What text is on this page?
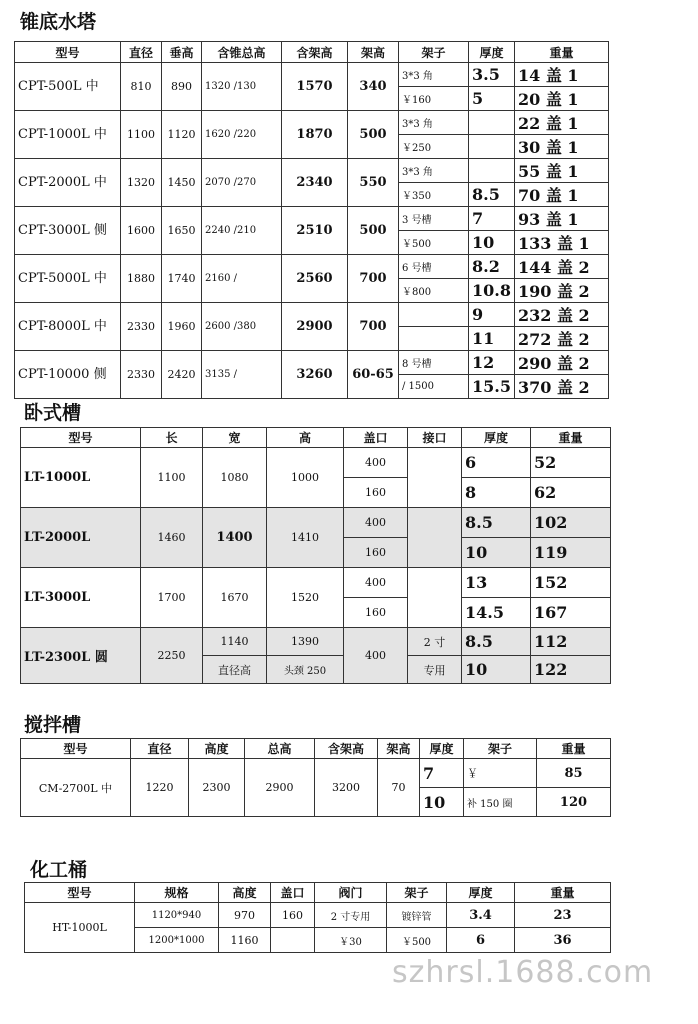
锥底水塔
型号	直径	垂高	含锥总高	含架高	架高	架子	厚度	重量
CPT-500L 中	810	890	1320 /130	1570	340	3*3 角	3.5	14 盖 1
						￥160	5	20 盖 1
CPT-1000L 中	1100	1120	1620 /220	1870	500	3*3 角		22 盖 1
						￥250		30 盖 1
CPT-2000L 中	1320	1450	2070 /270	2340	550	3*3 角		55 盖 1
						￥350	8.5	70 盖 1
CPT-3000L 侧	1600	1650	2240 /210	2510	500	3 号槽	7	93 盖 1
						￥500	10	133 盖 1
CPT-5000L 中	1880	1740	2160 /	2560	700	6 号槽	8.2	144 盖 2
						￥800	10.8	190 盖 2
CPT-8000L 中	2330	1960	2600 /380	2900	700		9	232 盖 2
							11	272 盖 2
CPT-10000 侧	2330	2420	3135 /	3260	60-65	8 号槽	12	290 盖 2
						/ 1500	15.5	370 盖 2
卧式槽
型号	长	宽	高	盖口	接口	厚度	重量
LT-1000L	1100	1080	1000	400		6	52
				160		8	62
LT-2000L	1460	1400	1410	400		8.5	102
				160		10	119
LT-3000L	1700	1670	1520	400		13	152
				160		14.5	167
LT-2300L 圆	2250	1140	1390	400	2 寸	8.5	112
		直径高	头颈 250		专用	10	122
搅拌槽
型号	直径	高度	总高	含架高	架高	厚度	架子	重量
CM-2700L 中	1220	2300	2900	3200	70	7	￥	85
						10	补 150 圈	120
化工桶
型号	规格	高度	盖口	阀门	架子	厚度	重量
HT-1000L	1120*940	970	160	2 寸专用	镀锌管	3.4	23
	1200*1000	1160		￥30	￥500	6	36
szhrsl.1688.com
